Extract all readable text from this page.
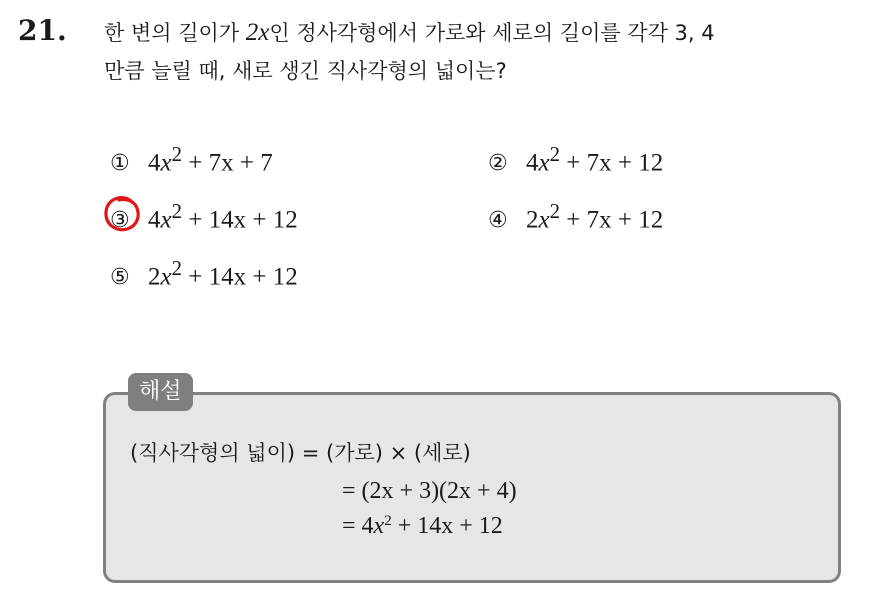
21. 한 변의 길이가 2x인 정사각형에서 가로와 세로의 길이를 각각 3, 4
만큼 늘릴 때, 새로 생긴 직사각형의 넓이는?
① $4x^2 + 7x + 7$	② $4x^2 + 7x + 12$
③ $4x^2 + 14x + 12$	④ $2x^2 + 7x + 12$
⑤ $2x^2 + 14x + 12$
해설
(직사각형의 넓이) = (가로) × (세로)
= (2x + 3)(2x + 4)
= $4x^2 + 14x + 12$
